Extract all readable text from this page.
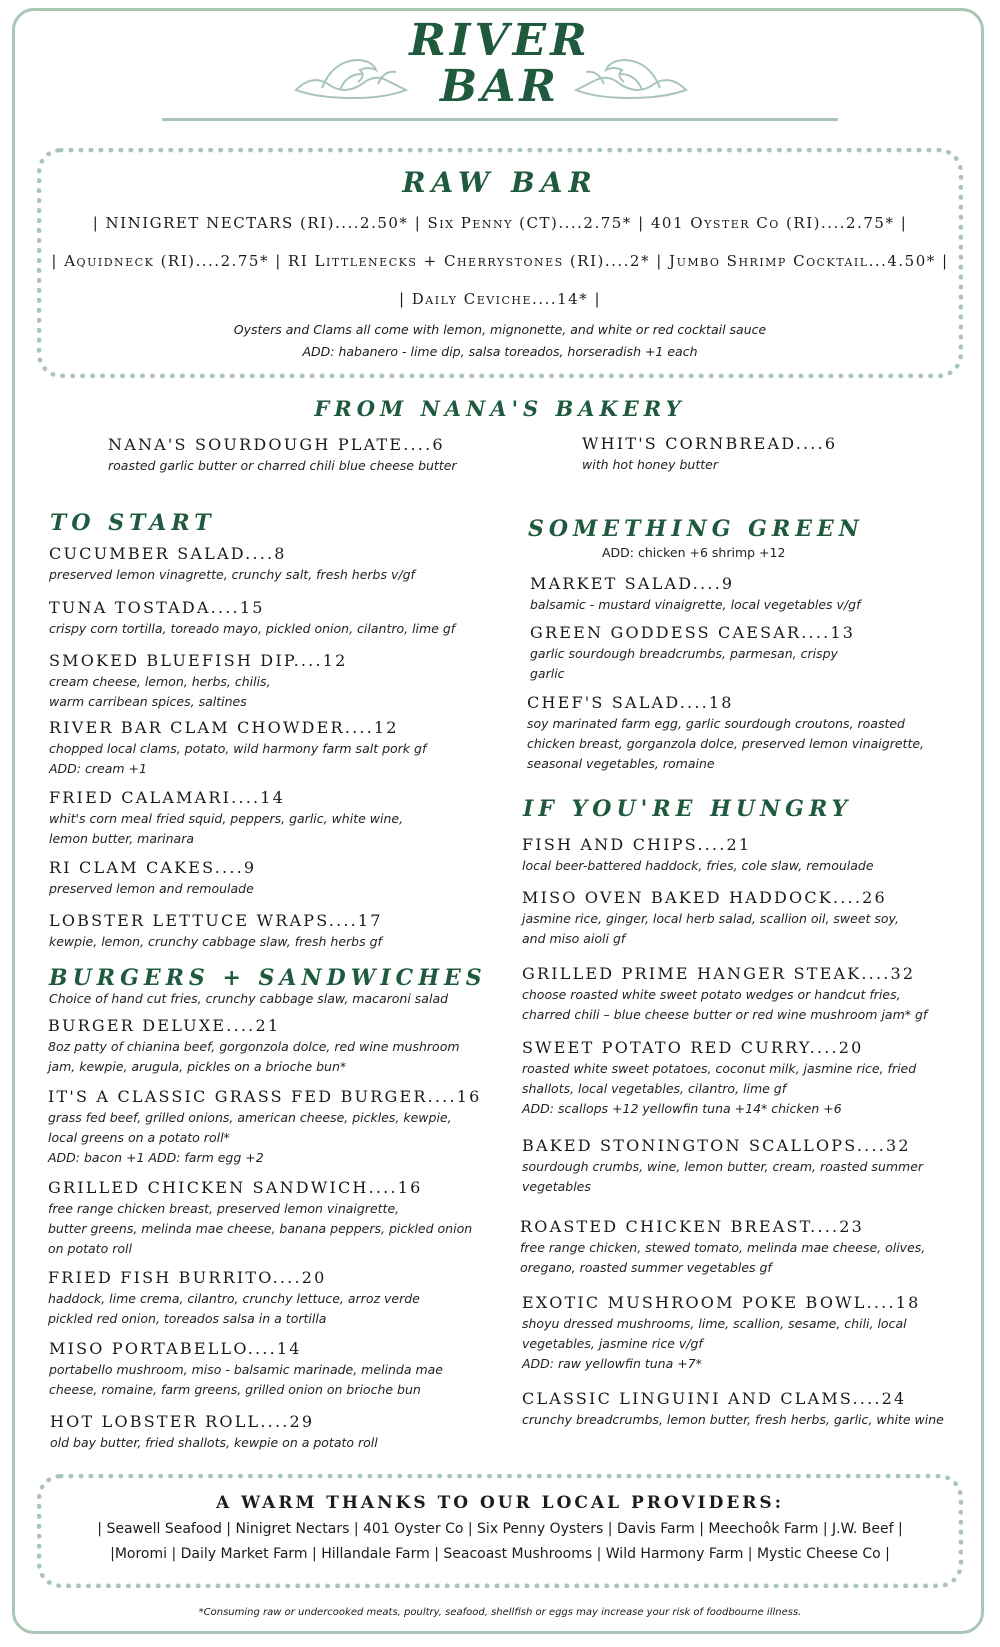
RIVER
BAR
RAW BAR
| NINIGRET NECTARS (RI)....2.50* | Six Penny (CT)....2.75* | 401 Oyster Co (RI)....2.75* |
| Aquidneck (RI)....2.75* | RI Littlenecks + Cherrystones (RI)....2* | Jumbo Shrimp Cocktail...4.50* |
| Daily Ceviche....14* |
Oysters and Clams all come with lemon, mignonette, and white or red cocktail sauce
ADD: habanero - lime dip, salsa toreados, horseradish +1 each
FROM NANA'S BAKERY
NANA'S SOURDOUGH PLATE....6
roasted garlic butter or charred chili blue cheese butter
WHIT'S CORNBREAD....6
with hot honey butter
TO START
CUCUMBER SALAD....8
preserved lemon vinagrette, crunchy salt, fresh herbs v/gf
TUNA TOSTADA....15
crispy corn tortilla, toreado mayo, pickled onion, cilantro, lime gf
SMOKED BLUEFISH DIP....12
cream cheese, lemon, herbs, chilis,
warm carribean spices, saltines
RIVER BAR CLAM CHOWDER....12
chopped local clams, potato, wild harmony farm salt pork gf
ADD: cream +1
FRIED CALAMARI....14
whit's corn meal fried squid, peppers, garlic, white wine,
lemon butter, marinara
RI CLAM CAKES....9
preserved lemon and remoulade
LOBSTER LETTUCE WRAPS....17
kewpie, lemon, crunchy cabbage slaw, fresh herbs gf
BURGERS + SANDWICHES
Choice of hand cut fries, crunchy cabbage slaw, macaroni salad
BURGER DELUXE....21
8oz patty of chianina beef, gorgonzola dolce, red wine mushroom
jam, kewpie, arugula, pickles on a brioche bun*
IT'S A CLASSIC GRASS FED BURGER....16
grass fed beef, grilled onions, american cheese, pickles, kewpie,
local greens on a potato roll*
ADD: bacon +1 ADD: farm egg +2
GRILLED CHICKEN SANDWICH....16
free range chicken breast, preserved lemon vinaigrette,
butter greens, melinda mae cheese, banana peppers, pickled onion
on potato roll
FRIED FISH BURRITO....20
haddock, lime crema, cilantro, crunchy lettuce, arroz verde
pickled red onion, toreados salsa in a tortilla
MISO PORTABELLO....14
portabello mushroom, miso - balsamic marinade, melinda mae
cheese, romaine, farm greens, grilled onion on brioche bun
HOT LOBSTER ROLL....29
old bay butter, fried shallots, kewpie on a potato roll
SOMETHING GREEN
ADD: chicken +6 shrimp +12
MARKET SALAD....9
balsamic - mustard vinaigrette, local vegetables v/gf
GREEN GODDESS CAESAR....13
garlic sourdough breadcrumbs, parmesan, crispy
garlic
CHEF'S SALAD....18
soy marinated farm egg, garlic sourdough croutons, roasted
chicken breast, gorganzola dolce, preserved lemon vinaigrette,
seasonal vegetables, romaine
IF YOU'RE HUNGRY
FISH AND CHIPS....21
local beer-battered haddock, fries, cole slaw, remoulade
MISO OVEN BAKED HADDOCK....26
jasmine rice, ginger, local herb salad, scallion oil, sweet soy,
and miso aioli gf
GRILLED PRIME HANGER STEAK....32
choose roasted white sweet potato wedges or handcut fries,
charred chili – blue cheese butter or red wine mushroom jam* gf
SWEET POTATO RED CURRY....20
roasted white sweet potatoes, coconut milk, jasmine rice, fried
shallots, local vegetables, cilantro, lime gf
ADD: scallops +12 yellowfin tuna +14* chicken +6
BAKED STONINGTON SCALLOPS....32
sourdough crumbs, wine, lemon butter, cream, roasted summer
vegetables
ROASTED CHICKEN BREAST....23
free range chicken, stewed tomato, melinda mae cheese, olives,
oregano, roasted summer vegetables gf
EXOTIC MUSHROOM POKE BOWL....18
shoyu dressed mushrooms, lime, scallion, sesame, chili, local
vegetables, jasmine rice v/gf
ADD: raw yellowfin tuna +7*
CLASSIC LINGUINI AND CLAMS....24
crunchy breadcrumbs, lemon butter, fresh herbs, garlic, white wine
A WARM THANKS TO OUR LOCAL PROVIDERS:
| Seawell Seafood | Ninigret Nectars | 401 Oyster Co | Six Penny Oysters | Davis Farm | Meechoôk Farm | J.W. Beef |
|Moromi | Daily Market Farm | Hillandale Farm | Seacoast Mushrooms | Wild Harmony Farm | Mystic Cheese Co |
*Consuming raw or undercooked meats, poultry, seafood, shellfish or eggs may increase your risk of foodbourne illness.
